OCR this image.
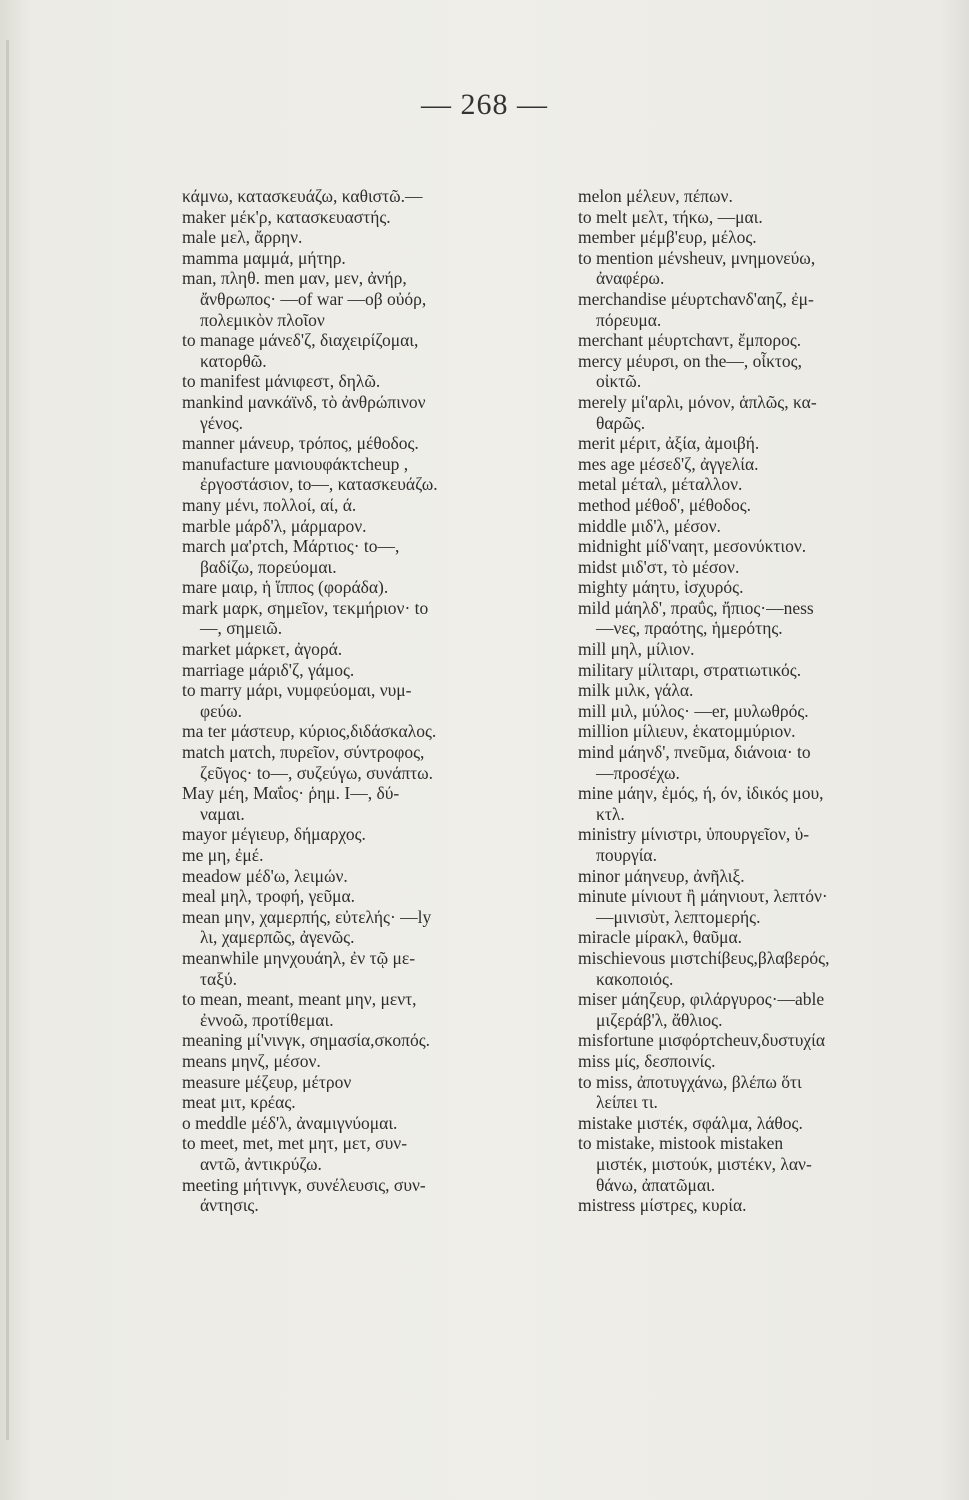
— 268 —
κάμνω, κατασκευάζω, καθιστῶ.—
maker μέκ'ρ, κατασκευαστής.
male μελ, ἄρρην.
mamma μαμμά, μήτηρ.
man, πληθ. men μαν, μεν, ἀνήρ,
ἄνθρωπος· —of war —οβ οὐόρ,
πολεμικὸν πλοῖον
to manage μάνεδ'ζ, διαχειρίζομαι,
κατορθῶ.
to manifest μάνιφεστ, δηλῶ.
mankind μανκάϊνδ, τὸ ἀνθρώπινον
γένος.
manner μάνευρ, τρόπος, μέθοδος.
manufacture μανιουφάκτcheup ,
ἐργοστάσιον, to—, κατασκευάζω.
many μένι, πολλοί, αί, ά.
marble μάρδ'λ, μάρμαρον.
march μα'ρτch, Μάρτιος· to—,
βαδίζω, πορεύομαι.
mare μαιρ, ἡ ἵππος (φοράδα).
mark μαρκ, σημεῖον, τεκμήριον· to
—, σημειῶ.
market μάρκετ, ἀγορά.
marriage μάριδ'ζ, γάμος.
to marry μάρι, νυμφεύομαι, νυμ-
φεύω.
ma ter μάστευρ, κύριος,διδάσκαλος.
match ματch, πυρεῖον, σύντροφος,
ζεῦγος· to—, συζεύγω, συνάπτω.
May μέη, Μαΐος· ῥημ. I—, δύ-
ναμαι.
mayor μέγιευρ, δήμαρχος.
me μη, ἐμέ.
meadow μέδ'ω, λειμών.
meal μηλ, τροφή, γεῦμα.
mean μην, χαμερπής, εὐτελής· —ly
λι, χαμερπῶς, ἀγενῶς.
meanwhile μηνχουάηλ, ἐν τῷ με-
ταξύ.
to mean, meant, meant μην, μεντ,
ἐννοῶ, προτίθεμαι.
meaning μί'νινγκ, σημασία,σκοπός.
means μηνζ, μέσον.
measure μέζευρ, μέτρον
meat μιτ, κρέας.
o meddle μέδ'λ, ἀναμιγνύομαι.
to meet, met, met μητ, μετ, συν-
αντῶ, ἀντικρύζω.
meeting μήτινγκ, συνέλευσις, συν-
άντησις.
melon μέλευν, πέπων.
to melt μελτ, τήκω, —μαι.
member μέμβ'ευρ, μέλος.
to mention μένsheuv, μνημονεύω,
ἀναφέρω.
merchandise μέυρτchανδ'αηζ, ἐμ-
πόρευμα.
merchant μέυρτchαντ, ἔμπορος.
mercy μέυρσι, on the—, οἶκτος,
οἰκτῶ.
merely μί'αρλι, μόνον, ἁπλῶς, κα-
θαρῶς.
merit μέριτ, ἀξία, ἀμοιβή.
mes age μέσεδ'ζ, ἀγγελία.
metal μέταλ, μέταλλον.
method μέθοδ', μέθοδος.
middle μιδ'λ, μέσον.
midnight μίδ'ναητ, μεσονύκτιον.
midst μιδ'στ, τὸ μέσον.
mighty μάητυ, ἰσχυρός.
mild μάηλδ', πραΰς, ἤπιος·—ness
—νες, πραότης, ἡμερότης.
mill μηλ, μίλιον.
military μίλιταρι, στρατιωτικός.
milk μιλκ, γάλα.
mill μιλ, μύλος· —er, μυλωθρός.
million μίλιευν, ἑκατομμύριον.
mind μάηνδ', πνεῦμα, διάνοια· to
—προσέχω.
mine μάην, ἐμός, ή, όν, ἰδικός μου,
κτλ.
ministry μίνιστρι, ὑπουργεῖον, ὑ-
πουργία.
minor μάηνευρ, ἀνῆλιξ.
minute μίνιουτ ἢ μάηνιουτ, λεπτόν·
—μινισὺτ, λεπτομερής.
miracle μίρακλ, θαῦμα.
mischievous μιστchίβευς,βλαβερός,
κακοποιός.
miser μάηζευρ, φιλάργυρος·—able
μιζεράβ'λ, ἄθλιος.
misfortune μισφόρτcheuv,δυστυχία
miss μίς, δεσποινίς.
to miss, ἀποτυγχάνω, βλέπω ὅτι
λείπει τι.
mistake μιστέκ, σφάλμα, λάθος.
to mistake, mistook mistaken
μιστέκ, μιστούκ, μιστέκν, λαν-
θάνω, ἀπατῶμαι.
mistress μίστρες, κυρία.
